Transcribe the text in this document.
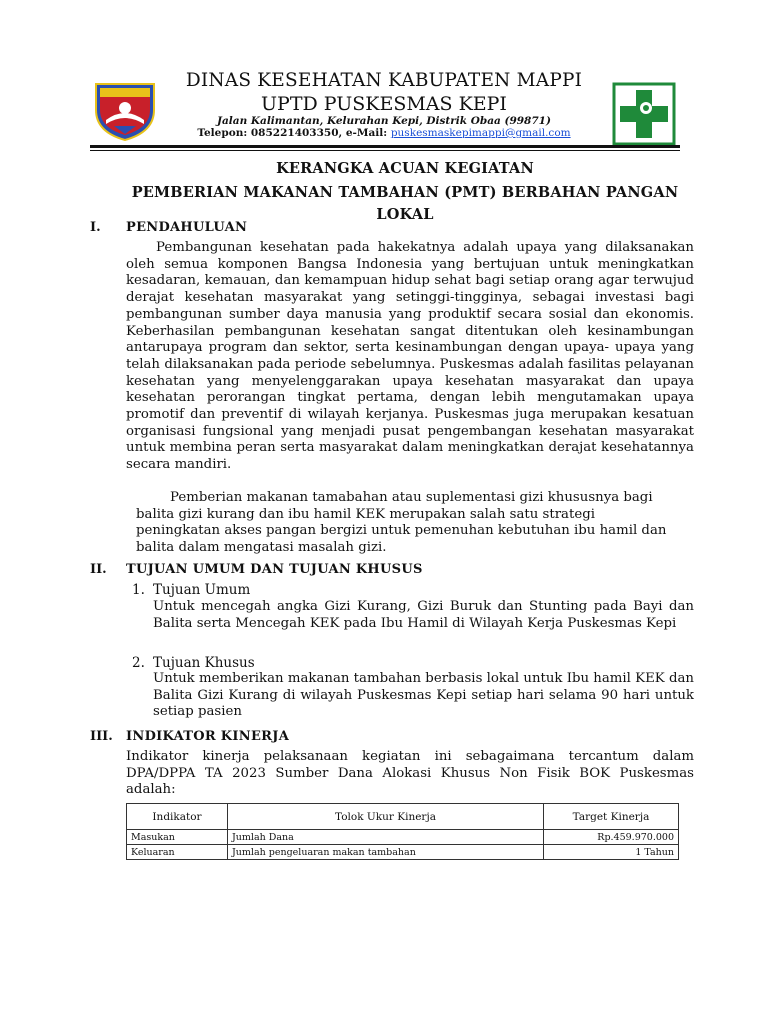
DINAS KESEHATAN KABUPATEN MAPPI
UPTD PUSKESMAS KEPI
Jalan Kalimantan, Kelurahan Kepi, Distrik Obaa (99871)
Telepon: 085221403350, e-Mail: puskesmaskepimappi@gmail.com
KERANGKA ACUAN KEGIATAN
PEMBERIAN MAKANAN TAMBAHAN (PMT) BERBAHAN PANGAN LOKAL
I. PENDAHULUAN
Pembangunan kesehatan pada hakekatnya adalah upaya yang dilaksanakan oleh semua komponen Bangsa Indonesia yang bertujuan untuk meningkatkan kesadaran, kemauan, dan kemampuan hidup sehat bagi setiap orang agar terwujud derajat kesehatan masyarakat yang setinggi-tingginya, sebagai investasi bagi pembangunan sumber daya manusia yang produktif secara sosial dan ekonomis. Keberhasilan pembangunan kesehatan sangat ditentukan oleh kesinambungan antarupaya program dan sektor, serta kesinambungan dengan upaya- upaya yang telah dilaksanakan pada periode sebelumnya. Puskesmas adalah fasilitas pelayanan kesehatan yang menyelenggarakan upaya kesehatan masyarakat dan upaya kesehatan perorangan tingkat pertama, dengan lebih mengutamakan upaya promotif dan preventif di wilayah kerjanya. Puskesmas juga merupakan kesatuan organisasi fungsional yang menjadi pusat pengembangan kesehatan masyarakat untuk membina peran serta masyarakat dalam meningkatkan derajat kesehatannya secara mandiri.
Pemberian makanan tamabahan atau suplementasi gizi khususnya bagi balita gizi kurang dan ibu hamil KEK merupakan salah satu strategi peningkatan akses pangan bergizi untuk pemenuhan kebutuhan ibu hamil dan balita dalam mengatasi masalah gizi.
II. TUJUAN UMUM DAN TUJUAN KHUSUS
1. Tujuan Umum
Untuk mencegah angka Gizi Kurang, Gizi Buruk dan Stunting pada Bayi dan Balita serta Mencegah KEK pada Ibu Hamil di Wilayah Kerja Puskesmas Kepi
2. Tujuan Khusus
Untuk memberikan makanan tambahan berbasis lokal untuk Ibu hamil KEK dan Balita Gizi Kurang di wilayah Puskesmas Kepi setiap hari selama 90 hari untuk setiap pasien
III. INDIKATOR KINERJA
Indikator kinerja pelaksanaan kegiatan ini sebagaimana tercantum dalam DPA/DPPA TA 2023 Sumber Dana Alokasi Khusus Non Fisik BOK Puskesmas adalah:
Indikator	Tolok Ukur Kinerja	Target Kinerja
Masukan	Jumlah Dana	Rp.459.970.000
Keluaran	Jumlah pengeluaran makan tambahan	1 Tahun
